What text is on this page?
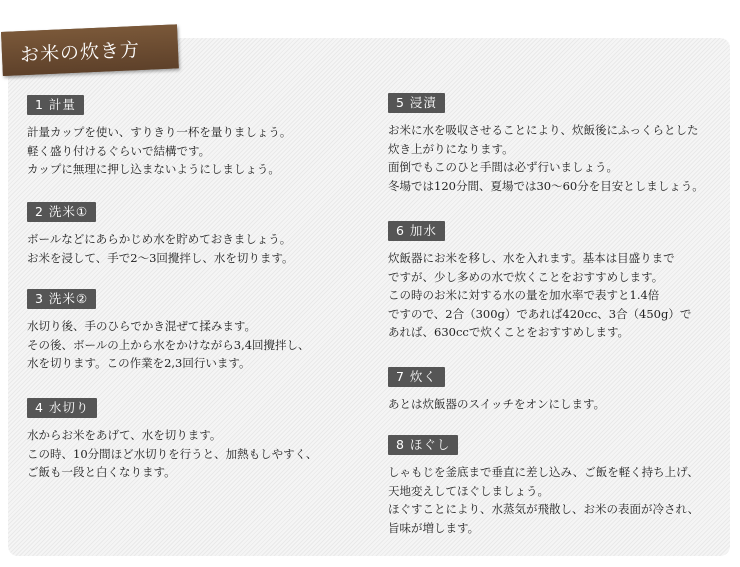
お米の炊き方
1 計量
計量カップを使い、すりきり一杯を量りましょう。
軽く盛り付けるぐらいで結構です。
カップに無理に押し込まないようにしましょう。
2 洗米①
ボールなどにあらかじめ水を貯めておきましょう。
お米を浸して、手で2～3回攪拌し、水を切ります。
3 洗米②
水切り後、手のひらでかき混ぜて揉みます。
その後、ボールの上から水をかけながら3,4回攪拌し、
水を切ります。この作業を2,3回行います。
4 水切り
水からお米をあげて、水を切ります。
この時、10分間ほど水切りを行うと、加熱もしやすく、
ご飯も一段と白くなります。
5 浸漬
お米に水を吸収させることにより、炊飯後にふっくらとした
炊き上がりになります。
面倒でもこのひと手間は必ず行いましょう。
冬場では120分間、夏場では30～60分を目安としましょう。
6 加水
炊飯器にお米を移し、水を入れます。基本は目盛りまで
ですが、少し多めの水で炊くことをおすすめします。
この時のお米に対する水の量を加水率で表すと1.4倍
ですので、2合（300g）であれば420cc、3合（450g）で
あれば、630ccで炊くことをおすすめします。
7 炊く
あとは炊飯器のスイッチをオンにします。
8 ほぐし
しゃもじを釜底まで垂直に差し込み、ご飯を軽く持ち上げ、
天地変えしてほぐしましょう。
ほぐすことにより、水蒸気が飛散し、お米の表面が冷され、
旨味が増します。
